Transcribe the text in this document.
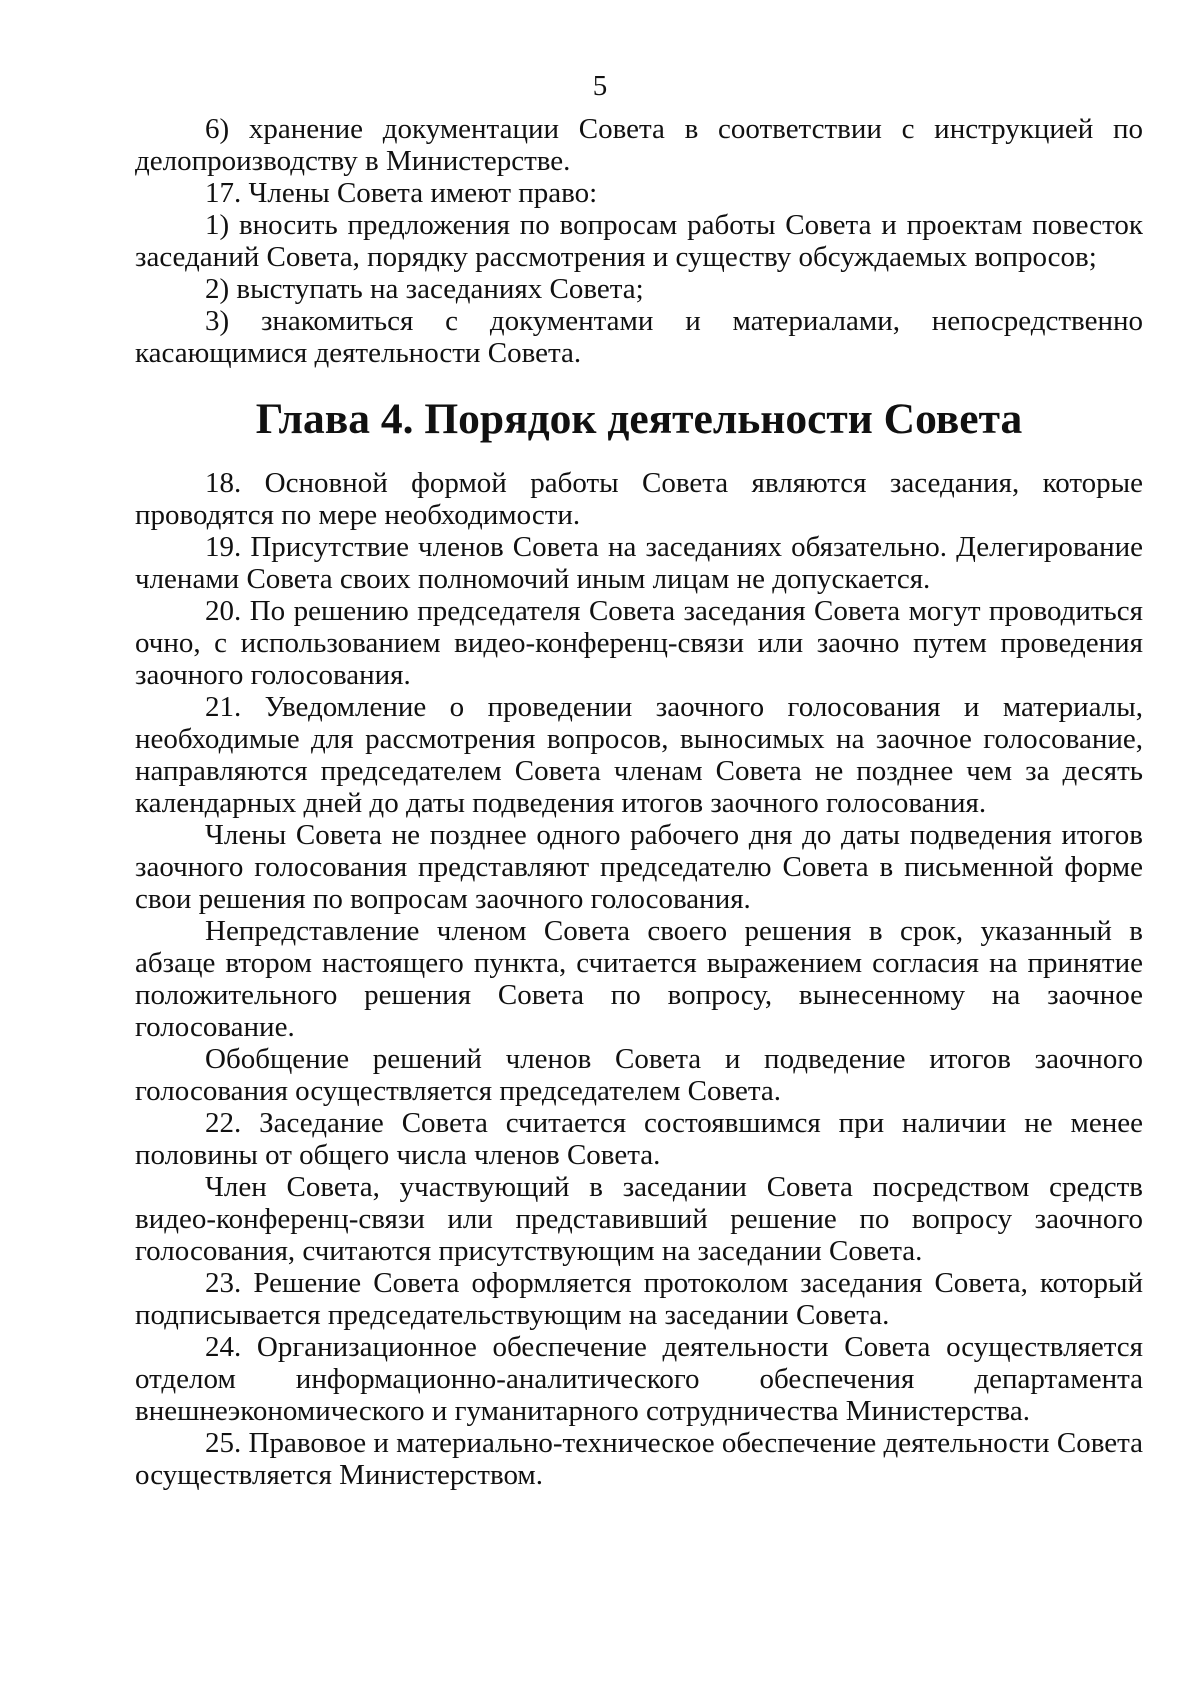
5

6) хранение документации Совета в соответствии с инструкцией по делопроизводству в Министерстве.

17. Члены Совета имеют право:

1) вносить предложения по вопросам работы Совета и проектам повесток заседаний Совета, порядку рассмотрения и существу обсуждаемых вопросов;

2) выступать на заседаниях Совета;

3) знакомиться с документами и материалами, непосредственно касающимися деятельности Совета.

Глава 4. Порядок деятельности Совета

18. Основной формой работы Совета являются заседания, которые проводятся по мере необходимости.

19. Присутствие членов Совета на заседаниях обязательно. Делегирование членами Совета своих полномочий иным лицам не допускается.

20. По решению председателя Совета заседания Совета могут проводиться очно, с использованием видео-конференц-связи или заочно путем проведения заочного голосования.

21. Уведомление о проведении заочного голосования и материалы, необходимые для рассмотрения вопросов, выносимых на заочное голосование, направляются председателем Совета членам Совета не позднее чем за десять календарных дней до даты подведения итогов заочного голосования.

Члены Совета не позднее одного рабочего дня до даты подведения итогов заочного голосования представляют председателю Совета в письменной форме свои решения по вопросам заочного голосования.

Непредставление членом Совета своего решения в срок, указанный в абзаце втором настоящего пункта, считается выражением согласия на принятие положительного решения Совета по вопросу, вынесенному на заочное голосование.

Обобщение решений членов Совета и подведение итогов заочного голосования осуществляется председателем Совета.

22. Заседание Совета считается состоявшимся при наличии не менее половины от общего числа членов Совета.

Член Совета, участвующий в заседании Совета посредством средств видео-конференц-связи или представивший решение по вопросу заочного голосования, считаются присутствующим на заседании Совета.

23. Решение Совета оформляется протоколом заседания Совета, который подписывается председательствующим на заседании Совета.

24. Организационное обеспечение деятельности Совета осуществляется отделом информационно-аналитического обеспечения департамента внешнеэкономического и гуманитарного сотрудничества Министерства.

25. Правовое и материально-техническое обеспечение деятельности Совета осуществляется Министерством.
